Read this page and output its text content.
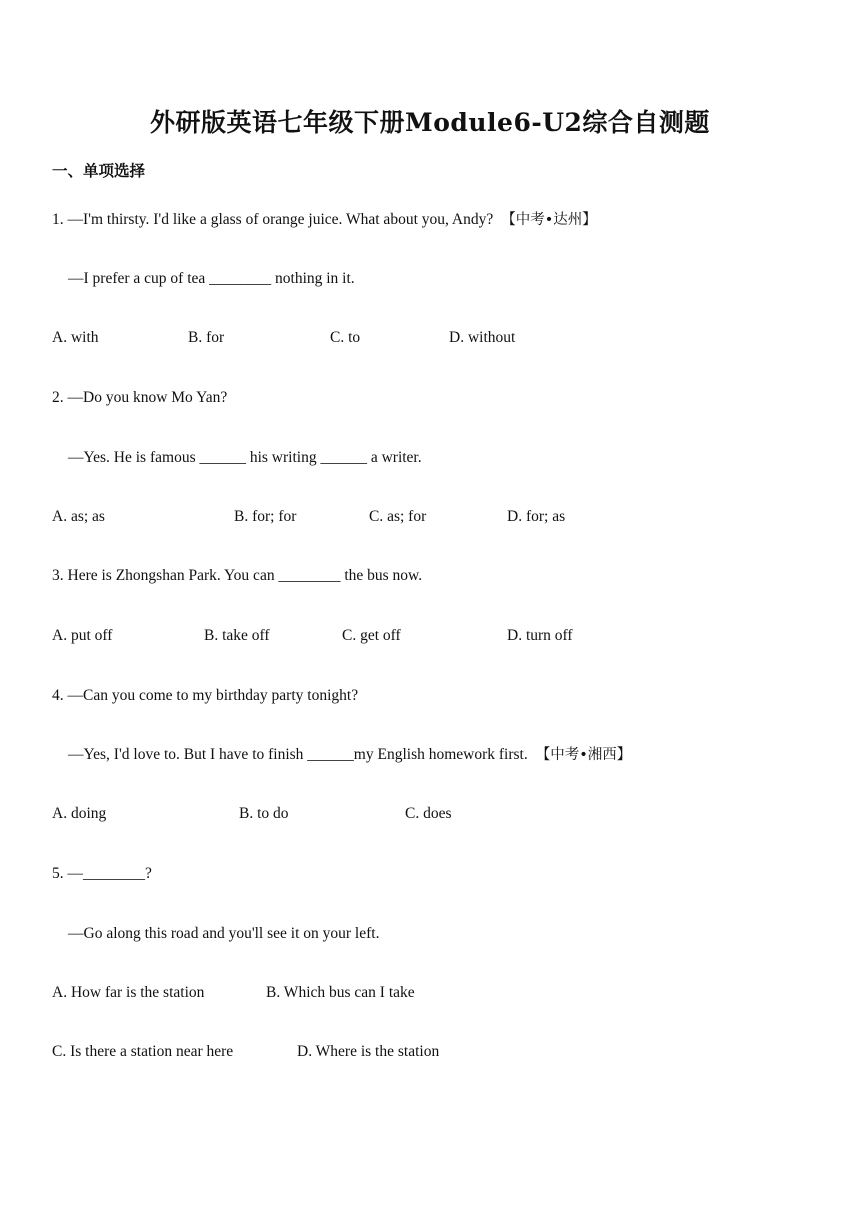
外研版英语七年级下册Module6-U2综合自测题
一、单项选择
1. —I'm thirsty. I'd like a glass of orange juice. What about you, Andy? 【中考•达州】
—I prefer a cup of tea ________ nothing in it.
A. with	B. for	C. to	D. without
2. —Do you know Mo Yan?
—Yes. He is famous ______ his writing ______ a writer.
A. as; as	B. for; for	C. as; for	D. for; as
3. Here is Zhongshan Park. You can ________ the bus now.
A. put off	B. take off	C. get off	D. turn off
4. —Can you come to my birthday party tonight?
—Yes, I'd love to. But I have to finish ______my English homework first. 【中考•湘西】
A. doing	B. to do	C. does
5. —________?
—Go along this road and you'll see it on your left.
A. How far is the station	B. Which bus can I take
C. Is there a station near here	D. Where is the station
